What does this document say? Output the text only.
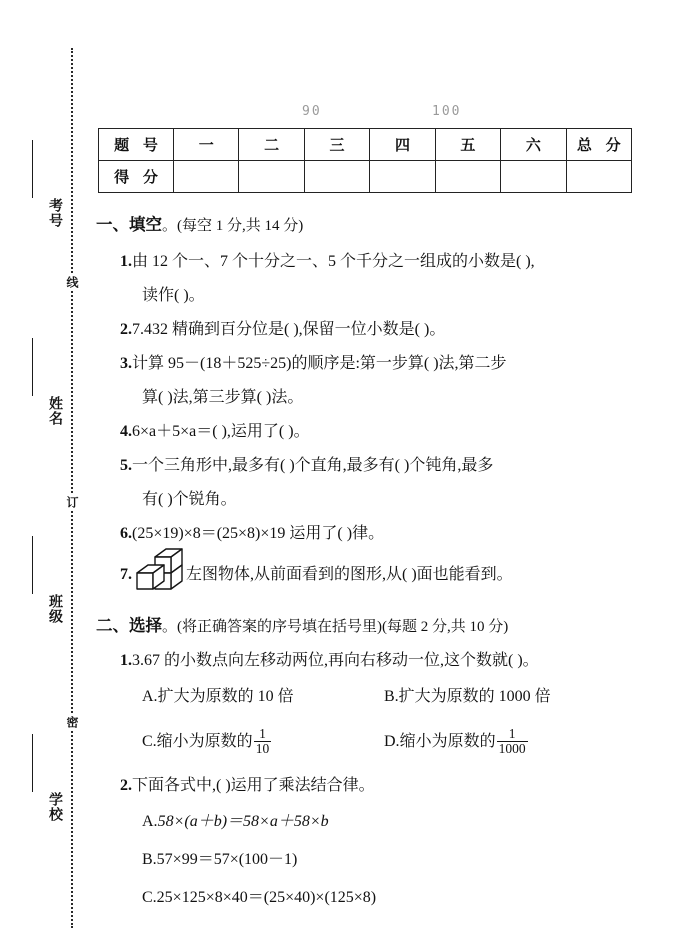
考号
姓名
班级
学校
线
订
密
90	100
题 号	一	二	三	四	五	六	总 分
得 分							
一、填空。(每空 1 分,共 14 分)
1.由 12 个一、7 个十分之一、5 个千分之一组成的小数是( ),
读作( )。
2.7.432 精确到百分位是( ),保留一位小数是( )。
3.计算 95－(18＋525÷25)的顺序是:第一步算( )法,第二步
算( )法,第三步算( )法。
4.6×a＋5×a＝( ),运用了( )。
5.一个三角形中,最多有( )个直角,最多有( )个钝角,最多
有( )个锐角。
6.(25×19)×8＝(25×8)×19 运用了( )律。
7.	左图物体,从前面看到的图形,从( )面也能看到。
二、选择。(将正确答案的序号填在括号里)(每题 2 分,共 10 分)
1.3.67 的小数点向左移动两位,再向右移动一位,这个数就( )。
A.扩大为原数的 10 倍	B.扩大为原数的 1000 倍
C.缩小为原数的 $\frac{1}{10}$	D.缩小为原数的 $\frac{1}{1000}$
2.下面各式中,( )运用了乘法结合律。
A.58×(a＋b)＝58×a＋58×b
B.57×99＝57×(100－1)
C.25×125×8×40＝(25×40)×(125×8)
